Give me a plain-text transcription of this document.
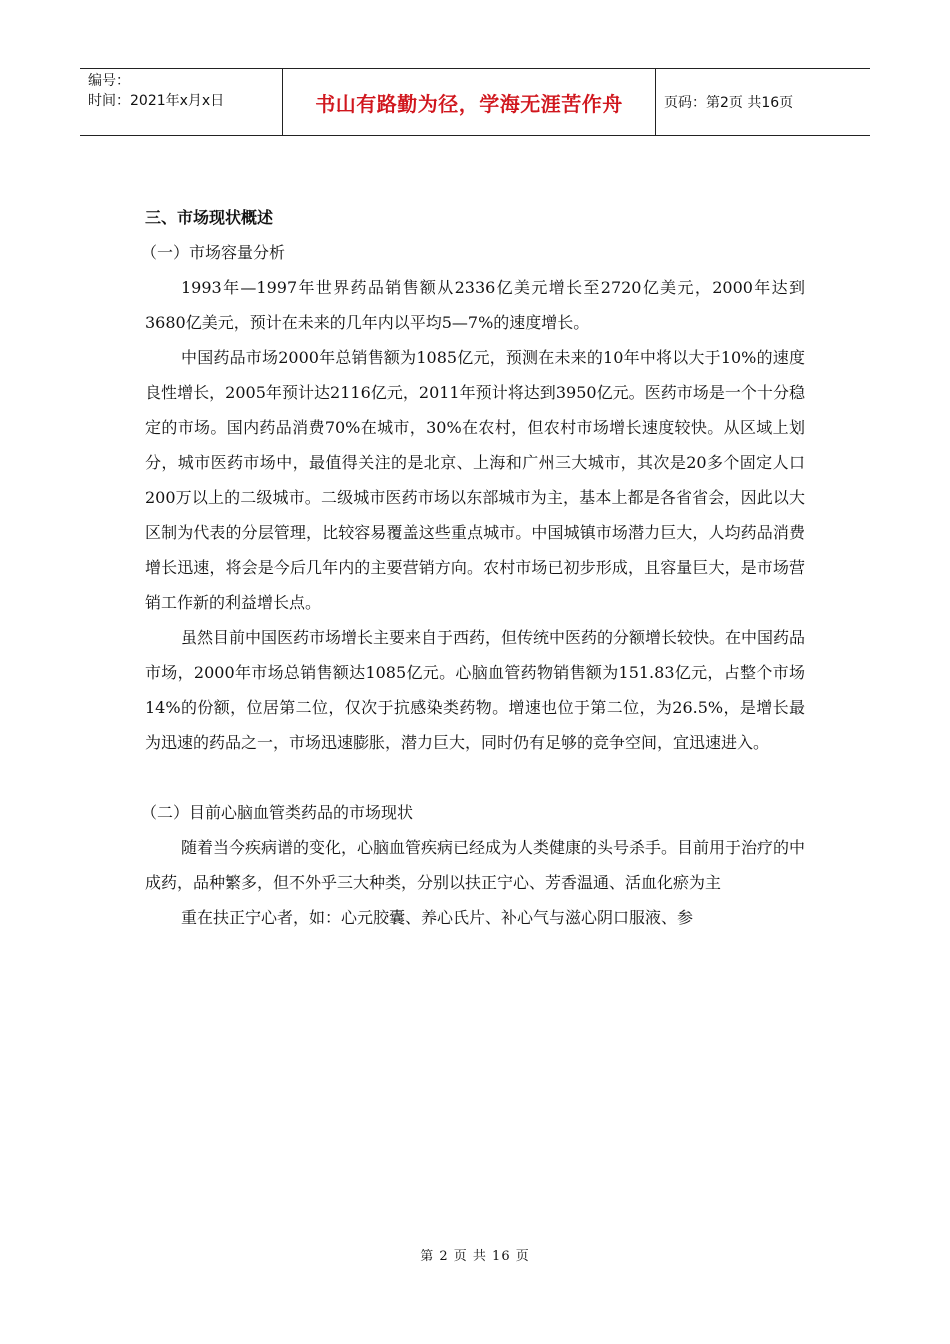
编号：
时间：2021年x月x日	书山有路勤为径，学海无涯苦作舟	页码：第2页 共16页
三、市场现状概述
（一）市场容量分析

1993年—1997年世界药品销售额从2336亿美元增长至2720亿美元，2000年达到3680亿美元，预计在未来的几年内以平均5—7%的速度增长。

中国药品市场2000年总销售额为1085亿元，预测在未来的10年中将以大于10%的速度良性增长，2005年预计达2116亿元，2011年预计将达到3950亿元。医药市场是一个十分稳定的市场。国内药品消费70%在城市，30%在农村，但农村市场增长速度较快。从区域上划分，城市医药市场中，最值得关注的是北京、上海和广州三大城市，其次是20多个固定人口200万以上的二级城市。二级城市医药市场以东部城市为主，基本上都是各省省会，因此以大区制为代表的分层管理，比较容易覆盖这些重点城市。中国城镇市场潜力巨大，人均药品消费增长迅速，将会是今后几年内的主要营销方向。农村市场已初步形成，且容量巨大，是市场营销工作新的利益增长点。

虽然目前中国医药市场增长主要来自于西药，但传统中医药的分额增长较快。在中国药品市场，2000年市场总销售额达1085亿元。心脑血管药物销售额为151.83亿元，占整个市场14%的份额，位居第二位，仅次于抗感染类药物。增速也位于第二位，为26.5%，是增长最为迅速的药品之一，市场迅速膨胀，潜力巨大，同时仍有足够的竞争空间，宜迅速进入。

（二）目前心脑血管类药品的市场现状

随着当今疾病谱的变化，心脑血管疾病已经成为人类健康的头号杀手。目前用于治疗的中成药，品种繁多，但不外乎三大种类，分别以扶正宁心、芳香温通、活血化瘀为主

重在扶正宁心者，如：心元胶囊、养心氏片、补心气与滋心阴口服液、参

第 2 页 共 16 页
